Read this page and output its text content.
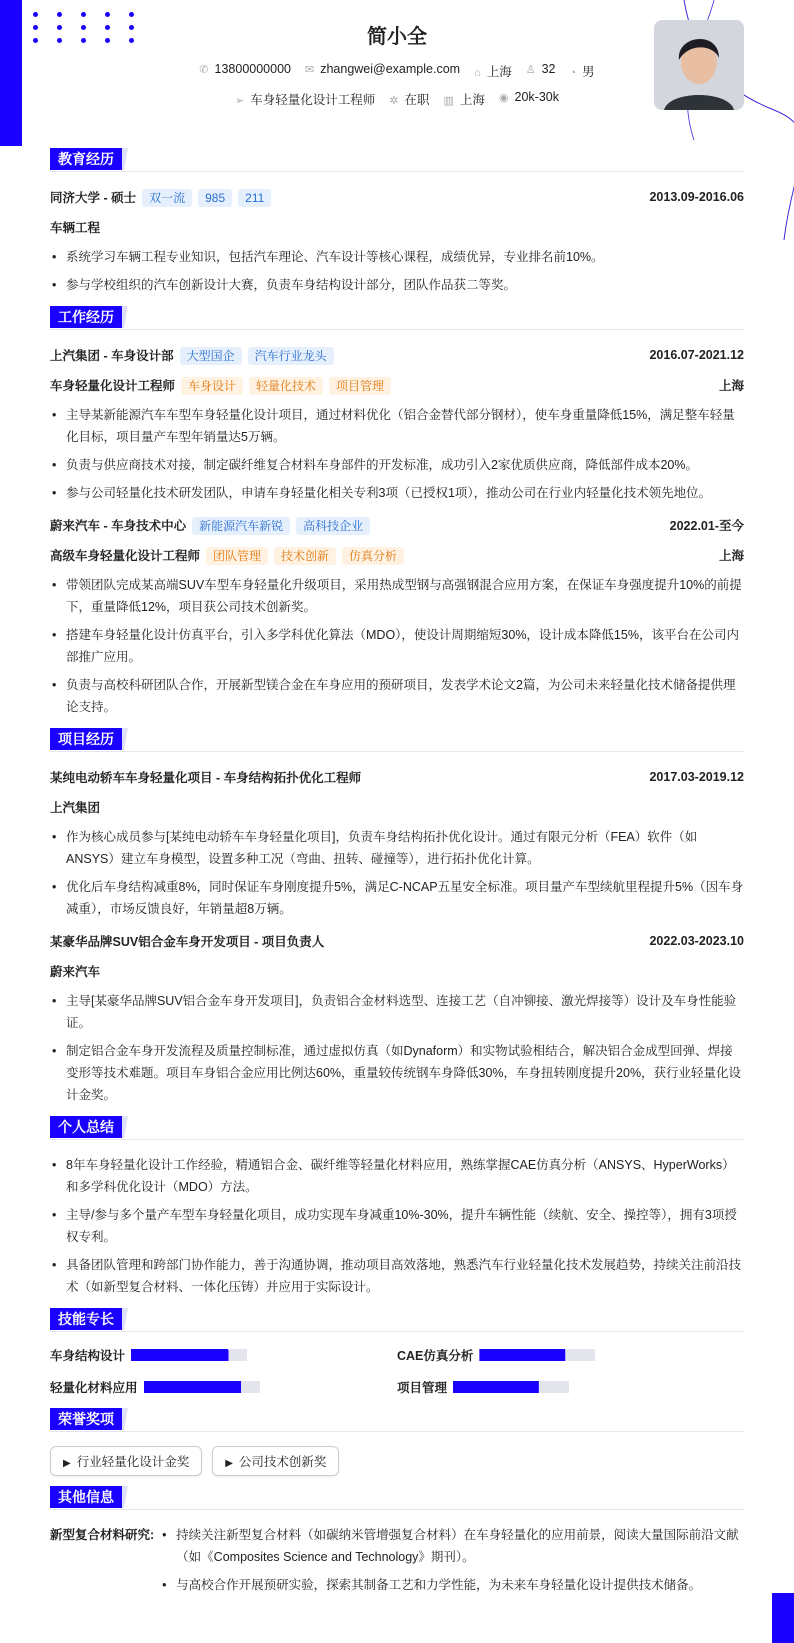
简小全
✆ 13800000000 ✉ zhangwei@example.com ⌂ 上海 ♙ 32 ◔ 男
➢ 车身轻量化设计工程师 ✲ 在职 ▥ 上海 ◉ 20k-30k
教育经历
同济大学 - 硕士 双一流 985 211	2013.09-2016.06
车辆工程
• 系统学习车辆工程专业知识，包括汽车理论、汽车设计等核心课程，成绩优异，专业排名前10%。
• 参与学校组织的汽车创新设计大赛，负责车身结构设计部分，团队作品获二等奖。
工作经历
上汽集团 - 车身设计部 大型国企 汽车行业龙头	2016.07-2021.12
车身轻量化设计工程师 车身设计 轻量化技术 项目管理	上海
• 主导某新能源汽车车型车身轻量化设计项目，通过材料优化（铝合金替代部分钢材），使车身重量降低15%，满足整车轻量化目标，项目量产车型年销量达5万辆。
• 负责与供应商技术对接，制定碳纤维复合材料车身部件的开发标准，成功引入2家优质供应商，降低部件成本20%。
• 参与公司轻量化技术研发团队，申请车身轻量化相关专利3项（已授权1项），推动公司在行业内轻量化技术领先地位。
蔚来汽车 - 车身技术中心 新能源汽车新锐 高科技企业	2022.01-至今
高级车身轻量化设计工程师 团队管理 技术创新 仿真分析	上海
• 带领团队完成某高端SUV车型车身轻量化升级项目，采用热成型钢与高强钢混合应用方案，在保证车身强度提升10%的前提下，重量降低12%，项目获公司技术创新奖。
• 搭建车身轻量化设计仿真平台，引入多学科优化算法（MDO），使设计周期缩短30%，设计成本降低15%，该平台在公司内部推广应用。
• 负责与高校科研团队合作，开展新型镁合金在车身应用的预研项目，发表学术论文2篇，为公司未来轻量化技术储备提供理论支持。
项目经历
某纯电动轿车车身轻量化项目 - 车身结构拓扑优化工程师	2017.03-2019.12
上汽集团
• 作为核心成员参与[某纯电动轿车车身轻量化项目]，负责车身结构拓扑优化设计。通过有限元分析（FEA）软件（如ANSYS）建立车身模型，设置多种工况（弯曲、扭转、碰撞等），进行拓扑优化计算。
• 优化后车身结构减重8%，同时保证车身刚度提升5%，满足C-NCAP五星安全标准。项目量产车型续航里程提升5%（因车身减重），市场反馈良好，年销量超8万辆。
某豪华品牌SUV铝合金车身开发项目 - 项目负责人	2022.03-2023.10
蔚来汽车
• 主导[某豪华品牌SUV铝合金车身开发项目]，负责铝合金材料选型、连接工艺（自冲铆接、激光焊接等）设计及车身性能验证。
• 制定铝合金车身开发流程及质量控制标准，通过虚拟仿真（如Dynaform）和实物试验相结合，解决铝合金成型回弹、焊接变形等技术难题。项目车身铝合金应用比例达60%，重量较传统钢车身降低30%，车身扭转刚度提升20%，获行业轻量化设计金奖。
个人总结
• 8年车身轻量化设计工作经验，精通铝合金、碳纤维等轻量化材料应用，熟练掌握CAE仿真分析（ANSYS、HyperWorks）和多学科优化设计（MDO）方法。
• 主导/参与多个量产车型车身轻量化项目，成功实现车身减重10%-30%，提升车辆性能（续航、安全、操控等），拥有3项授权专利。
• 具备团队管理和跨部门协作能力，善于沟通协调，推动项目高效落地，熟悉汽车行业轻量化技术发展趋势，持续关注前沿技术（如新型复合材料、一体化压铸）并应用于实际设计。
技能专长
车身结构设计	CAE仿真分析
轻量化材料应用	项目管理
荣誉奖项
▶ 行业轻量化设计金奖	▶ 公司技术创新奖
其他信息
新型复合材料研究:	• 持续关注新型复合材料（如碳纳米管增强复合材料）在车身轻量化的应用前景，阅读大量国际前沿文献（如《Composites Science and Technology》期刊）。
• 与高校合作开展预研实验，探索其制备工艺和力学性能，为未来车身轻量化设计提供技术储备。
